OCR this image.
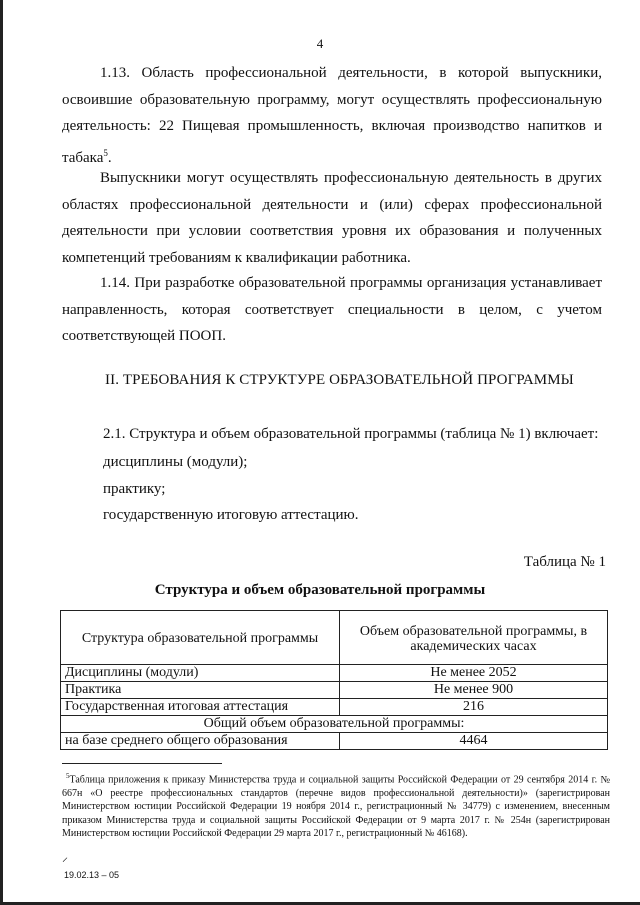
4

1.13. Область профессиональной деятельности, в которой выпускники, освоившие образовательную программу, могут осуществлять профессиональную деятельность: 22 Пищевая промышленность, включая производство напитков и табака$^5$.

Выпускники могут осуществлять профессиональную деятельность в других областях профессиональной деятельности и (или) сферах профессиональной деятельности при условии соответствия уровня их образования и полученных компетенций требованиям к квалификации работника.

1.14. При разработке образовательной программы организация устанавливает направленность, которая соответствует специальности в целом, с учетом соответствующей ПООП.

II. ТРЕБОВАНИЯ К СТРУКТУРЕ ОБРАЗОВАТЕЛЬНОЙ ПРОГРАММЫ
2.1. Структура и объем образовательной программы (таблица № 1) включает:
дисциплины (модули);
практику;
государственную итоговую аттестацию.
Таблица № 1
Структура и объем образовательной программы
Структура образовательной программы	Объем образовательной программы, в академических часах
Дисциплины (модули)	Не менее 2052
Практика	Не менее 900
Государственная итоговая аттестация	216
Общий объем образовательной программы:	
на базе среднего общего образования	4464
$^5$Таблица приложения к приказу Министерства труда и социальной защиты Российской Федерации от 29 сентября 2014 г. № 667н «О реестре профессиональных стандартов (перечне видов профессиональной деятельности)» (зарегистрирован Министерством юстиции Российской Федерации 19 ноября 2014 г., регистрационный № 34779) с изменением, внесенным приказом Министерства труда и социальной защиты Российской Федерации от 9 марта 2017 г. № 254н (зарегистрирован Министерством юстиции Российской Федерации 29 марта 2017 г., регистрационный № 46168).
⸝
19.02.13 – 05
